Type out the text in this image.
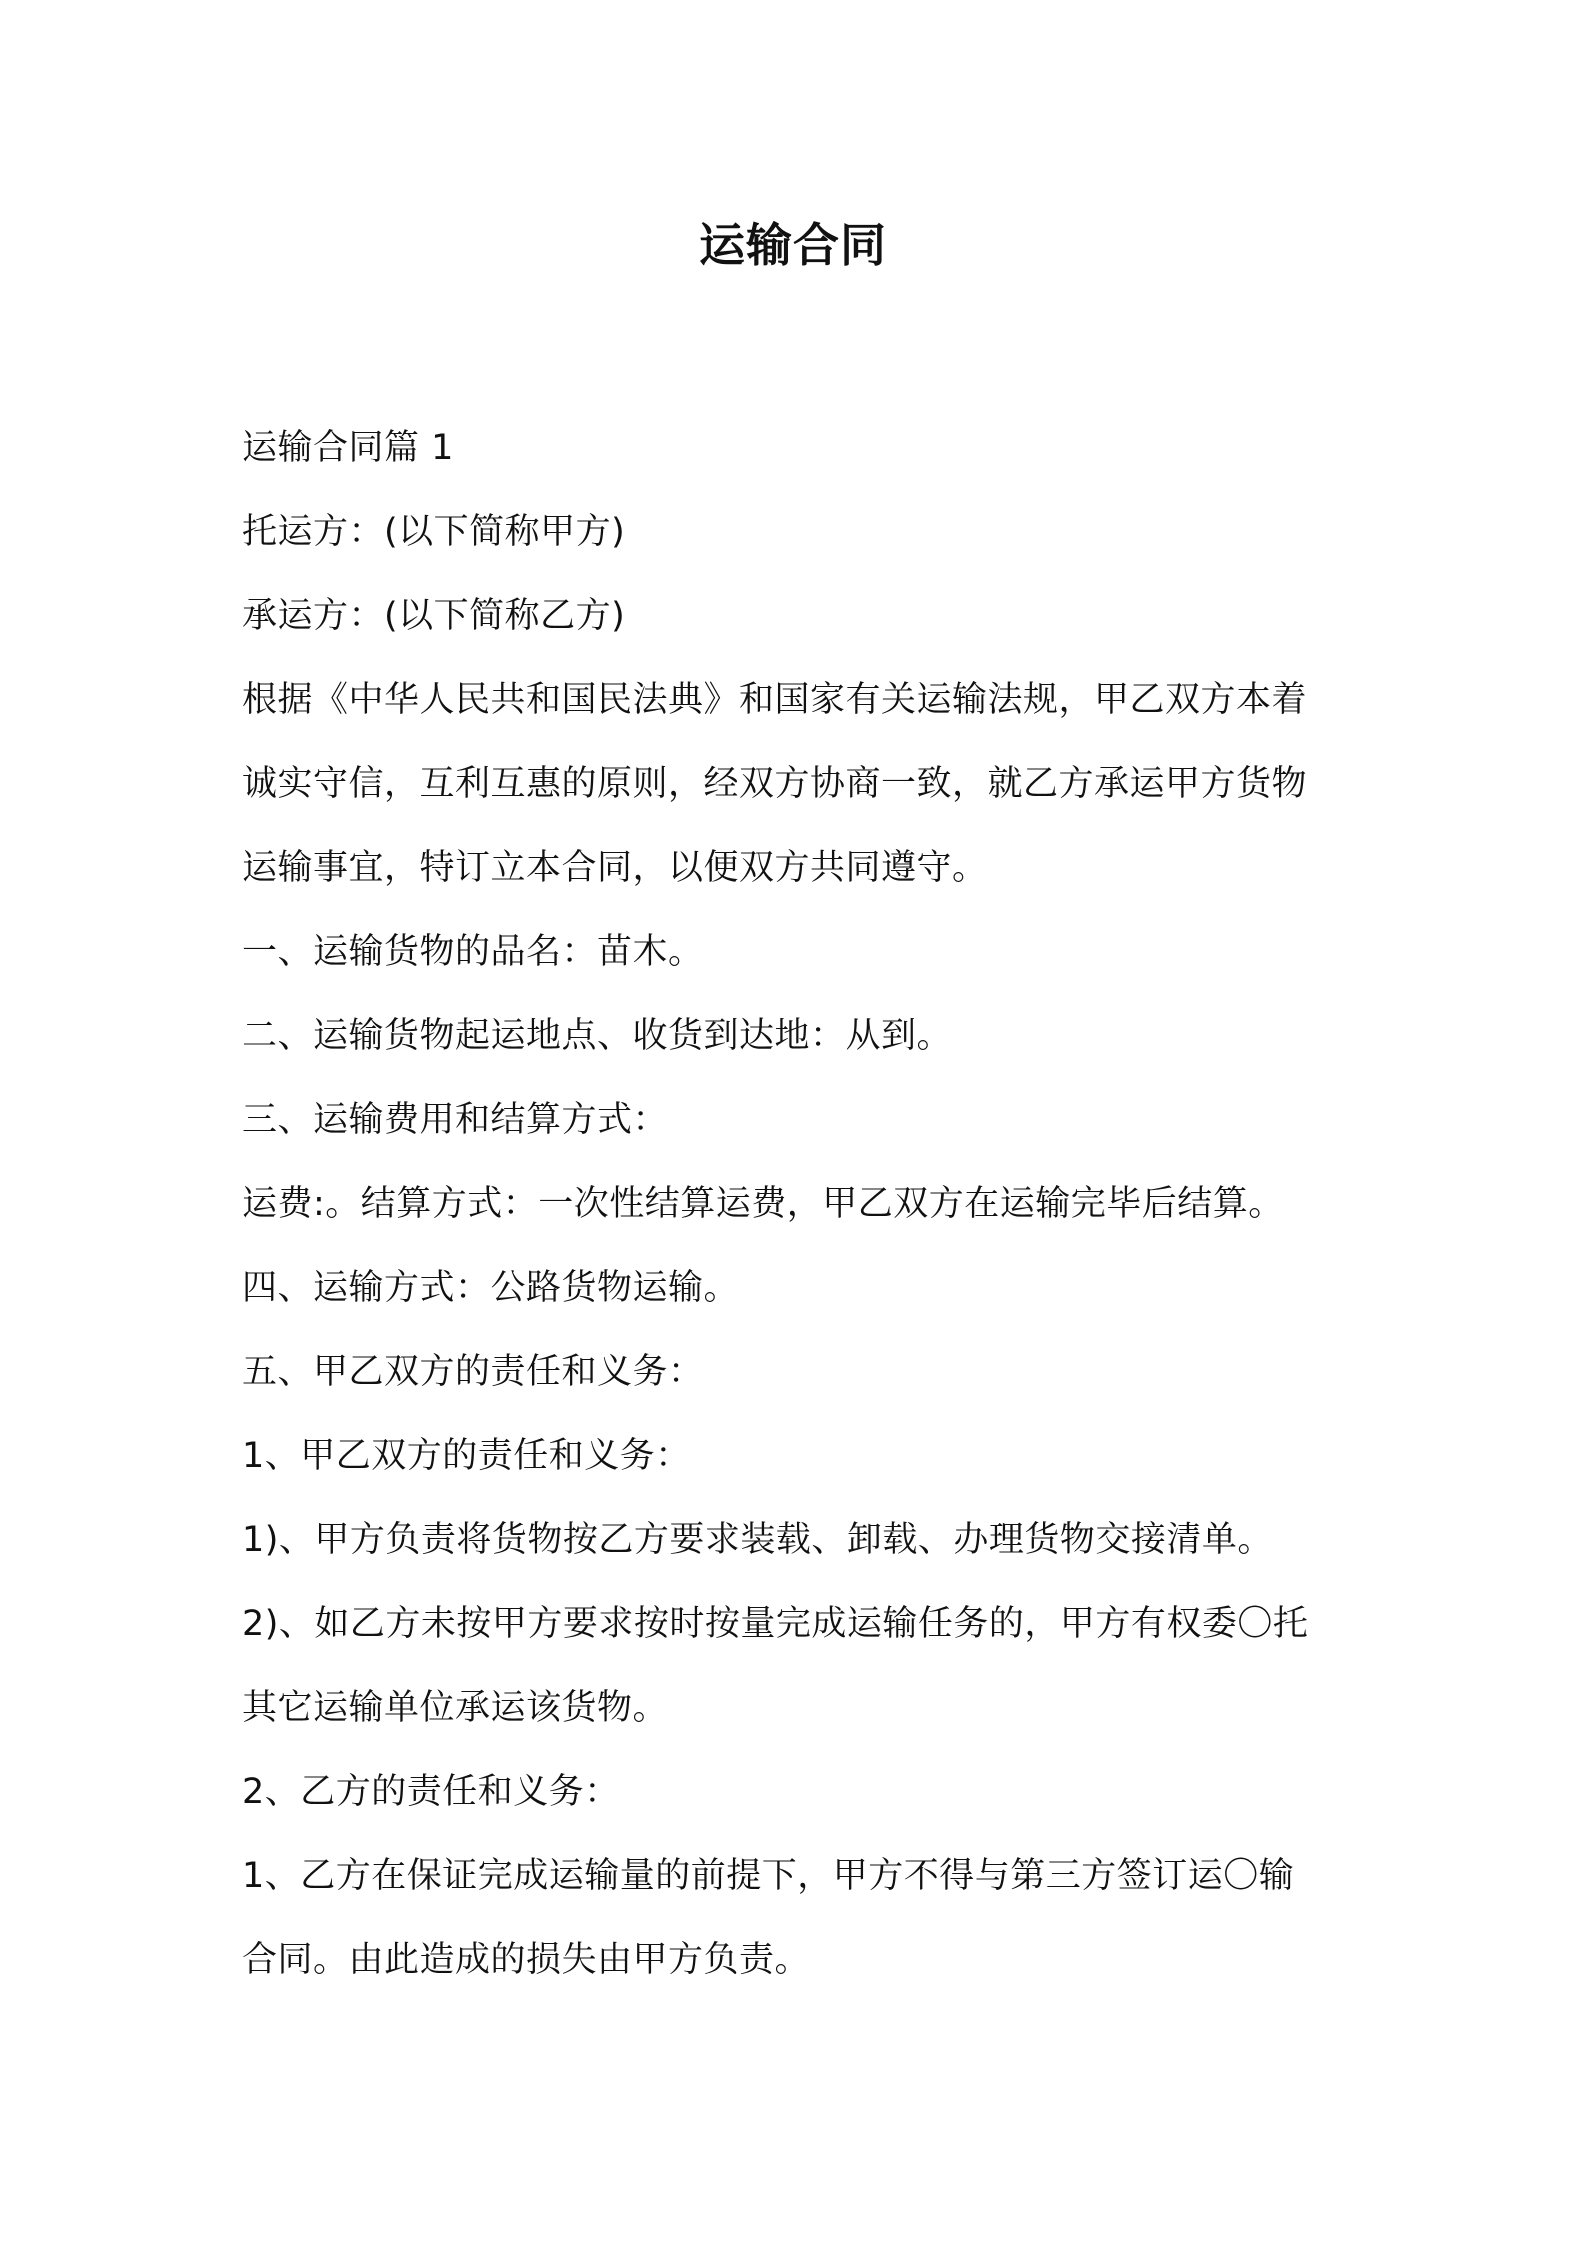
运输合同
运输合同篇 1
托运方：(以下简称甲方)
承运方：(以下简称乙方)
根据《中华人民共和国民法典》和国家有关运输法规，甲乙双方本着
诚实守信，互利互惠的原则，经双方协商一致，就乙方承运甲方货物
运输事宜，特订立本合同，以便双方共同遵守。
一、运输货物的品名：苗木。
二、运输货物起运地点、收货到达地：从到。
三、运输费用和结算方式：
运费:。结算方式：一次性结算运费，甲乙双方在运输完毕后结算。
四、运输方式：公路货物运输。
五、甲乙双方的责任和义务：
1、甲乙双方的责任和义务：
1)、甲方负责将货物按乙方要求装载、卸载、办理货物交接清单。
2)、如乙方未按甲方要求按时按量完成运输任务的，甲方有权委〇托
其它运输单位承运该货物。
2、乙方的责任和义务：
1、乙方在保证完成运输量的前提下，甲方不得与第三方签订运〇输
合同。由此造成的损失由甲方负责。
